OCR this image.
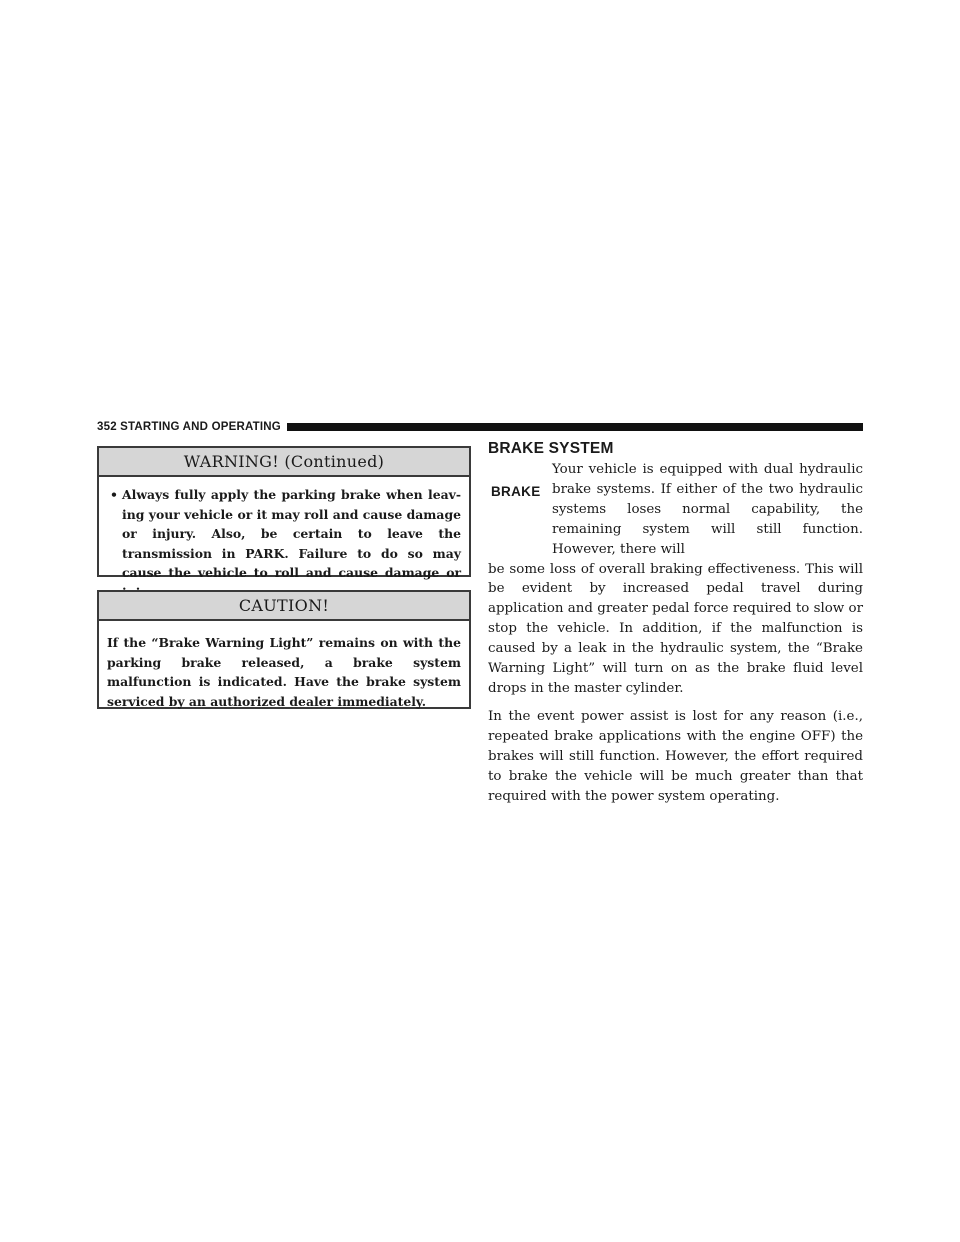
352 STARTING AND OPERATING
WARNING! (Continued)
• Always fully apply the parking brake when leav-ing your vehicle or it may roll and cause damage or injury. Also, be certain to leave the transmission in PARK. Failure to do so may cause the vehicle to roll and cause damage or
CAUTION!
If the “Brake Warning Light” remains on with the parking brake released, a brake system malfunction is indicated. Have the brake system serviced by an authorized dealer immediately.
BRAKE SYSTEM
BRAKE

Your vehicle is equipped with dual hydraulic brake systems. If either of the two hydraulic systems loses normal capability, the remaining system will still function. However, there will

be some loss of overall braking effectiveness. This will be evident by increased pedal travel during application and greater pedal force required to slow or stop the vehicle. In addition, if the malfunction is caused by a leak in the hydraulic system, the “Brake Warning Light” will turn on as the brake fluid level drops in the master cylinder.

In the event power assist is lost for any reason (i.e., repeated brake applications with the engine OFF) the brakes will still function. However, the effort required to brake the vehicle will be much greater than that required with the power system operating.
